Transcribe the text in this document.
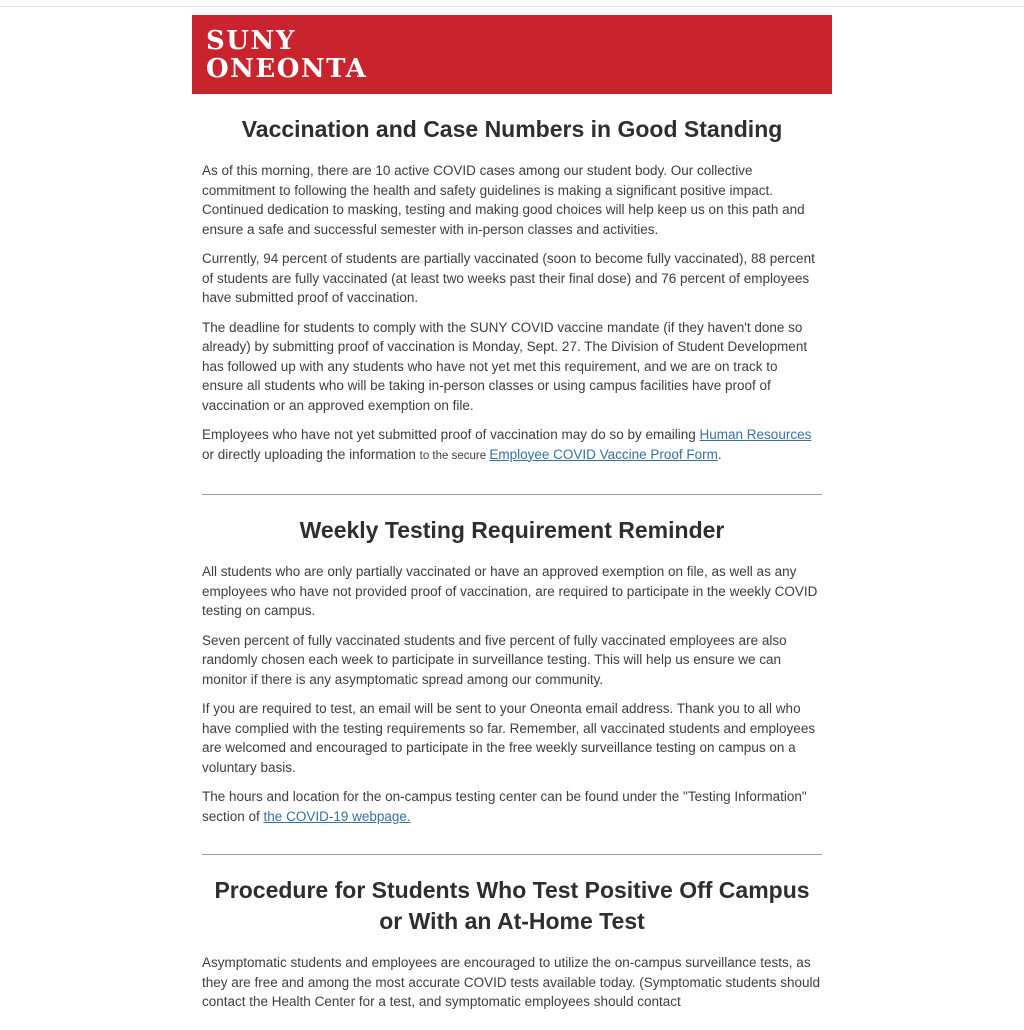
SUNY
ONEONTA
Vaccination and Case Numbers in Good Standing

As of this morning, there are 10 active COVID cases among our student body. Our collective commitment to following the health and safety guidelines is making a significant positive impact. Continued dedication to masking, testing and making good choices will help keep us on this path and ensure a safe and successful semester with in-person classes and activities.

Currently, 94 percent of students are partially vaccinated (soon to become fully vaccinated), 88 percent of students are fully vaccinated (at least two weeks past their final dose) and 76 percent of employees have submitted proof of vaccination.

The deadline for students to comply with the SUNY COVID vaccine mandate (if they haven't done so already) by submitting proof of vaccination is Monday, Sept. 27. The Division of Student Development has followed up with any students who have not yet met this requirement, and we are on track to ensure all students who will be taking in-person classes or using campus facilities have proof of vaccination or an approved exemption on file.

Employees who have not yet submitted proof of vaccination may do so by emailing Human Resources or directly uploading the information to the secure Employee COVID Vaccine Proof Form.

Weekly Testing Requirement Reminder

All students who are only partially vaccinated or have an approved exemption on file, as well as any employees who have not provided proof of vaccination, are required to participate in the weekly COVID testing on campus.

Seven percent of fully vaccinated students and five percent of fully vaccinated employees are also randomly chosen each week to participate in surveillance testing. This will help us ensure we can monitor if there is any asymptomatic spread among our community.

If you are required to test, an email will be sent to your Oneonta email address. Thank you to all who have complied with the testing requirements so far. Remember, all vaccinated students and employees are welcomed and encouraged to participate in the free weekly surveillance testing on campus on a voluntary basis.

The hours and location for the on-campus testing center can be found under the "Testing Information" section of the COVID-19 webpage.

Procedure for Students Who Test Positive Off Campus or With an At-Home Test

Asymptomatic students and employees are encouraged to utilize the on-campus surveillance tests, as they are free and among the most accurate COVID tests available today. (Symptomatic students should contact the Health Center for a test, and symptomatic employees should contact
